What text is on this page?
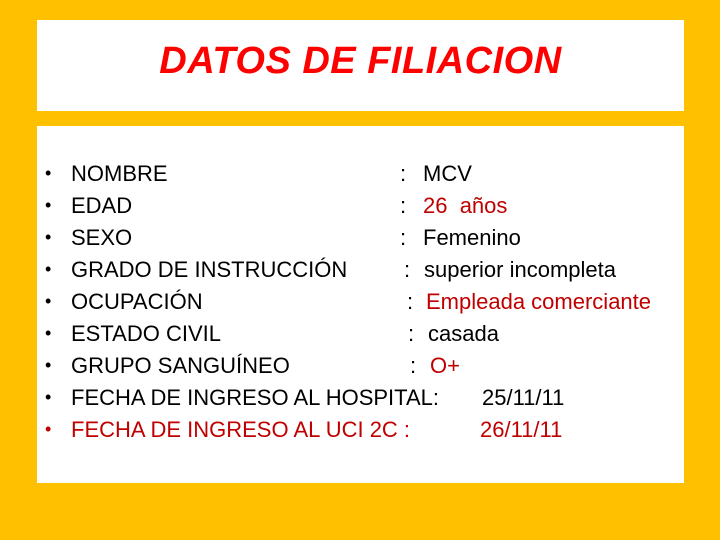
DATOS DE FILIACION
• NOMBRE	: MCV
• EDAD	: 26  años
• SEXO	: Femenino
• GRADO DE INSTRUCCIÓN	: superior incompleta
• OCUPACIÓN	: Empleada comerciante
• ESTADO CIVIL	: casada
• GRUPO SANGUÍNEO	: O+
• FECHA DE INGRESO AL HOSPITAL: 25/11/11
• FECHA DE INGRESO AL UCI 2C :	26/11/11
